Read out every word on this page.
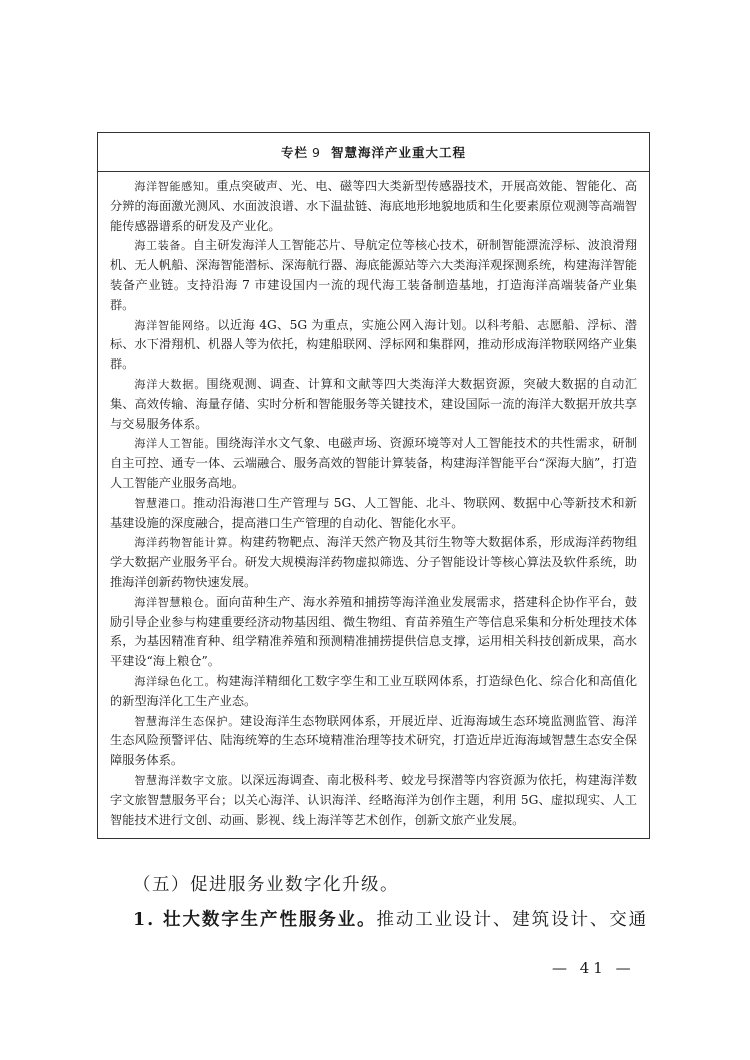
专栏 9 智慧海洋产业重大工程

海洋智能感知。重点突破声、光、电、磁等四大类新型传感器技术，开展高效能、智能化、高分辨的海面激光测风、水面波浪谱、水下温盐链、海底地形地貌地质和生化要素原位观测等高端智能传感器谱系的研发及产业化。

海工装备。自主研发海洋人工智能芯片、导航定位等核心技术，研制智能漂流浮标、波浪滑翔机、无人帆船、深海智能潜标、深海航行器、海底能源站等六大类海洋观探测系统，构建海洋智能装备产业链。支持沿海 7 市建设国内一流的现代海工装备制造基地，打造海洋高端装备产业集群。

海洋智能网络。以近海 4G、5G 为重点，实施公网入海计划。以科考船、志愿船、浮标、潜标、水下滑翔机、机器人等为依托，构建船联网、浮标网和集群网，推动形成海洋物联网络产业集群。

海洋大数据。围绕观测、调查、计算和文献等四大类海洋大数据资源，突破大数据的自动汇集、高效传输、海量存储、实时分析和智能服务等关键技术，建设国际一流的海洋大数据开放共享与交易服务体系。

海洋人工智能。围绕海洋水文气象、电磁声场、资源环境等对人工智能技术的共性需求，研制自主可控、通专一体、云端融合、服务高效的智能计算装备，构建海洋智能平台“深海大脑”，打造人工智能产业服务高地。

智慧港口。推动沿海港口生产管理与 5G、人工智能、北斗、物联网、数据中心等新技术和新基建设施的深度融合，提高港口生产管理的自动化、智能化水平。

海洋药物智能计算。构建药物靶点、海洋天然产物及其衍生物等大数据体系，形成海洋药物组学大数据产业服务平台。研发大规模海洋药物虚拟筛选、分子智能设计等核心算法及软件系统，助推海洋创新药物快速发展。

海洋智慧粮仓。面向苗种生产、海水养殖和捕捞等海洋渔业发展需求，搭建科企协作平台，鼓励引导企业参与构建重要经济动物基因组、微生物组、育苗养殖生产等信息采集和分析处理技术体系，为基因精准育种、组学精准养殖和预测精准捕捞提供信息支撑，运用相关科技创新成果，高水平建设“海上粮仓”。

海洋绿色化工。构建海洋精细化工数字孪生和工业互联网体系，打造绿色化、综合化和高值化的新型海洋化工生产业态。

智慧海洋生态保护。建设海洋生态物联网体系，开展近岸、近海海域生态环境监测监管、海洋生态风险预警评估、陆海统筹的生态环境精准治理等技术研究，打造近岸近海海域智慧生态安全保障服务体系。

智慧海洋数字文旅。以深远海调查、南北极科考、蛟龙号探潜等内容资源为依托，构建海洋数字文旅智慧服务平台；以关心海洋、认识海洋、经略海洋为创作主题，利用 5G、虚拟现实、人工智能技术进行文创、动画、影视、线上海洋等艺术创作，创新文旅产业发展。

（五）促进服务业数字化升级。
1. 壮大数字生产性服务业。推动工业设计、建筑设计、交通
— 41 —
